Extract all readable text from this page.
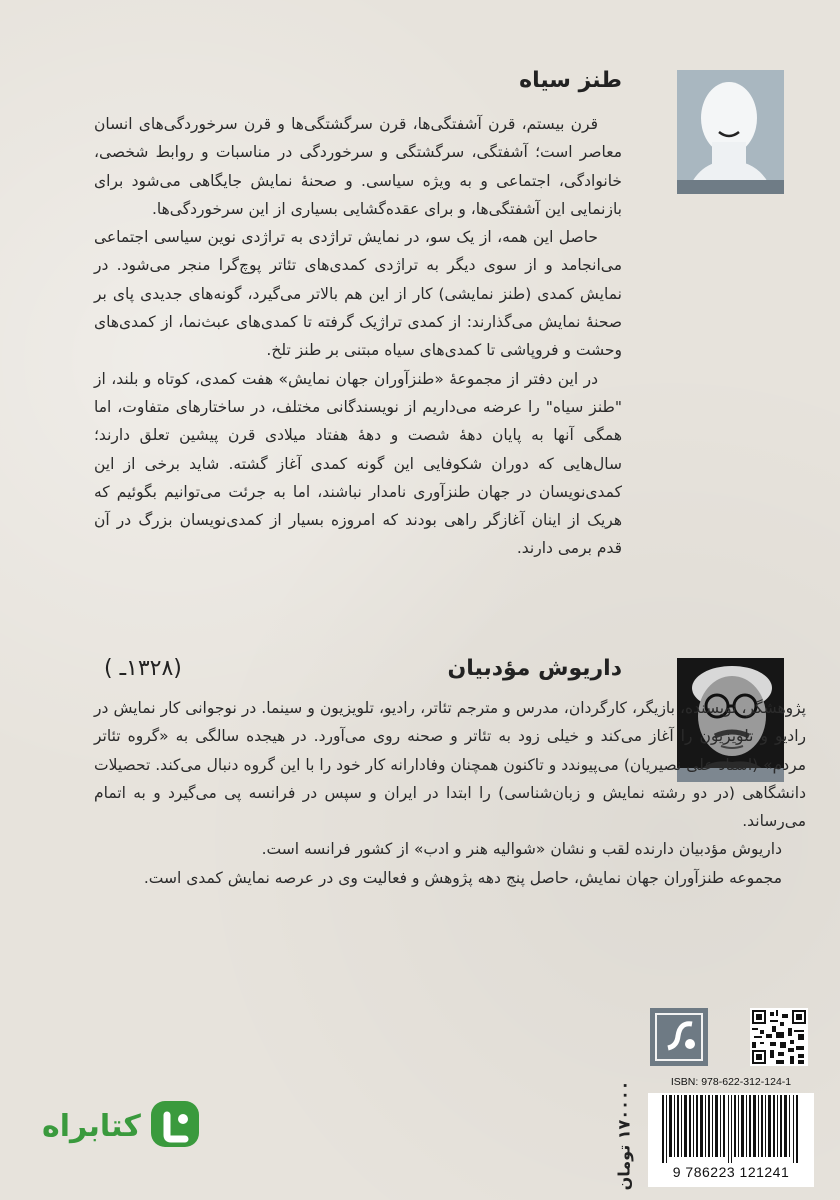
طنز سیاه

قرن بیستم، قرن آشفتگی‌ها، قرن سرگشتگی‌ها و قرن سرخوردگی‌های انسان معاصر است؛ آشفتگی، سرگشتگی و سرخوردگی در مناسبات و روابط شخصی، خانوادگی، اجتماعی و به ویژه سیاسی. و صحنهٔ نمایش جایگاهی می‌شود برای بازنمایی این آشفتگی‌ها، و برای عقده‌گشایی بسیاری از این سرخوردگی‌ها.

حاصل این همه، از یک سو، در نمایش تراژدی به تراژدی نوین سیاسی اجتماعی می‌انجامد و از سوی دیگر به تراژدی کمدی‌های تئاتر پوچ‌گرا منجر می‌شود. در نمایش کمدی (طنز نمایشی) کار از این هم بالاتر می‌گیرد، گونه‌های جدیدی پای بر صحنهٔ نمایش می‌گذارند: از کمدی تراژیک گرفته تا کمدی‌های عبث‌نما، از کمدی‌های وحشت و فروپاشی تا کمدی‌های سیاه مبتنی بر طنز تلخ.

در این دفتر از مجموعهٔ «طنزآوران جهان نمایش» هفت کمدی، کوتاه و بلند، از "طنز سیاه" را عرضه می‌داریم از نویسندگانی مختلف، در ساختارهای متفاوت، اما همگی آنها به پایان دههٔ شصت و دههٔ هفتاد میلادی قرن پیشین تعلق دارند؛ سال‌هایی که دوران شکوفایی این گونه کمدی آغاز گشته. شاید برخی از این کمدی‌نویسان در جهان طنزآوری نامدار نباشند، اما به جرئت می‌توانیم بگوئیم که هریک از اینان آغازگر راهی بودند که امروزه بسیار از کمدی‌نویسان بزرگ در آن قدم برمی دارند.

داریوش مؤدبیان
(۱۳۲۸ـ )

پژوهشگر، نویسنده، بازیگر، کارگردان، مدرس و مترجم تئاتر، رادیو، تلویزیون و سینما. در نوجوانی کار نمایش در رادیو و تلویزیون را آغاز می‌کند و خیلی زود به تئاتر و صحنه روی می‌آورد. در هیجده سالگی به «گروه تئاتر مردم» (استاد علی نصیریان) می‌پیوندد و تاکنون همچنان وفادارانه کار خود را با این گروه دنبال می‌کند. تحصیلات دانشگاهی (در دو رشته نمایش و زبان‌شناسی) را ابتدا در ایران و سپس در فرانسه پی می‌گیرد و به اتمام می‌رساند.

داریوش مؤدبیان دارنده لقب و نشان «شوالیه هنر و ادب» از کشور فرانسه است.

مجموعه طنزآوران جهان نمایش، حاصل پنج دهه پژوهش و فعالیت وی در عرصه نمایش کمدی است.

ISBN: 978-622-312-124-1
9 786223 121241
۱۷۰۰۰۰ تومان
کتابراه
